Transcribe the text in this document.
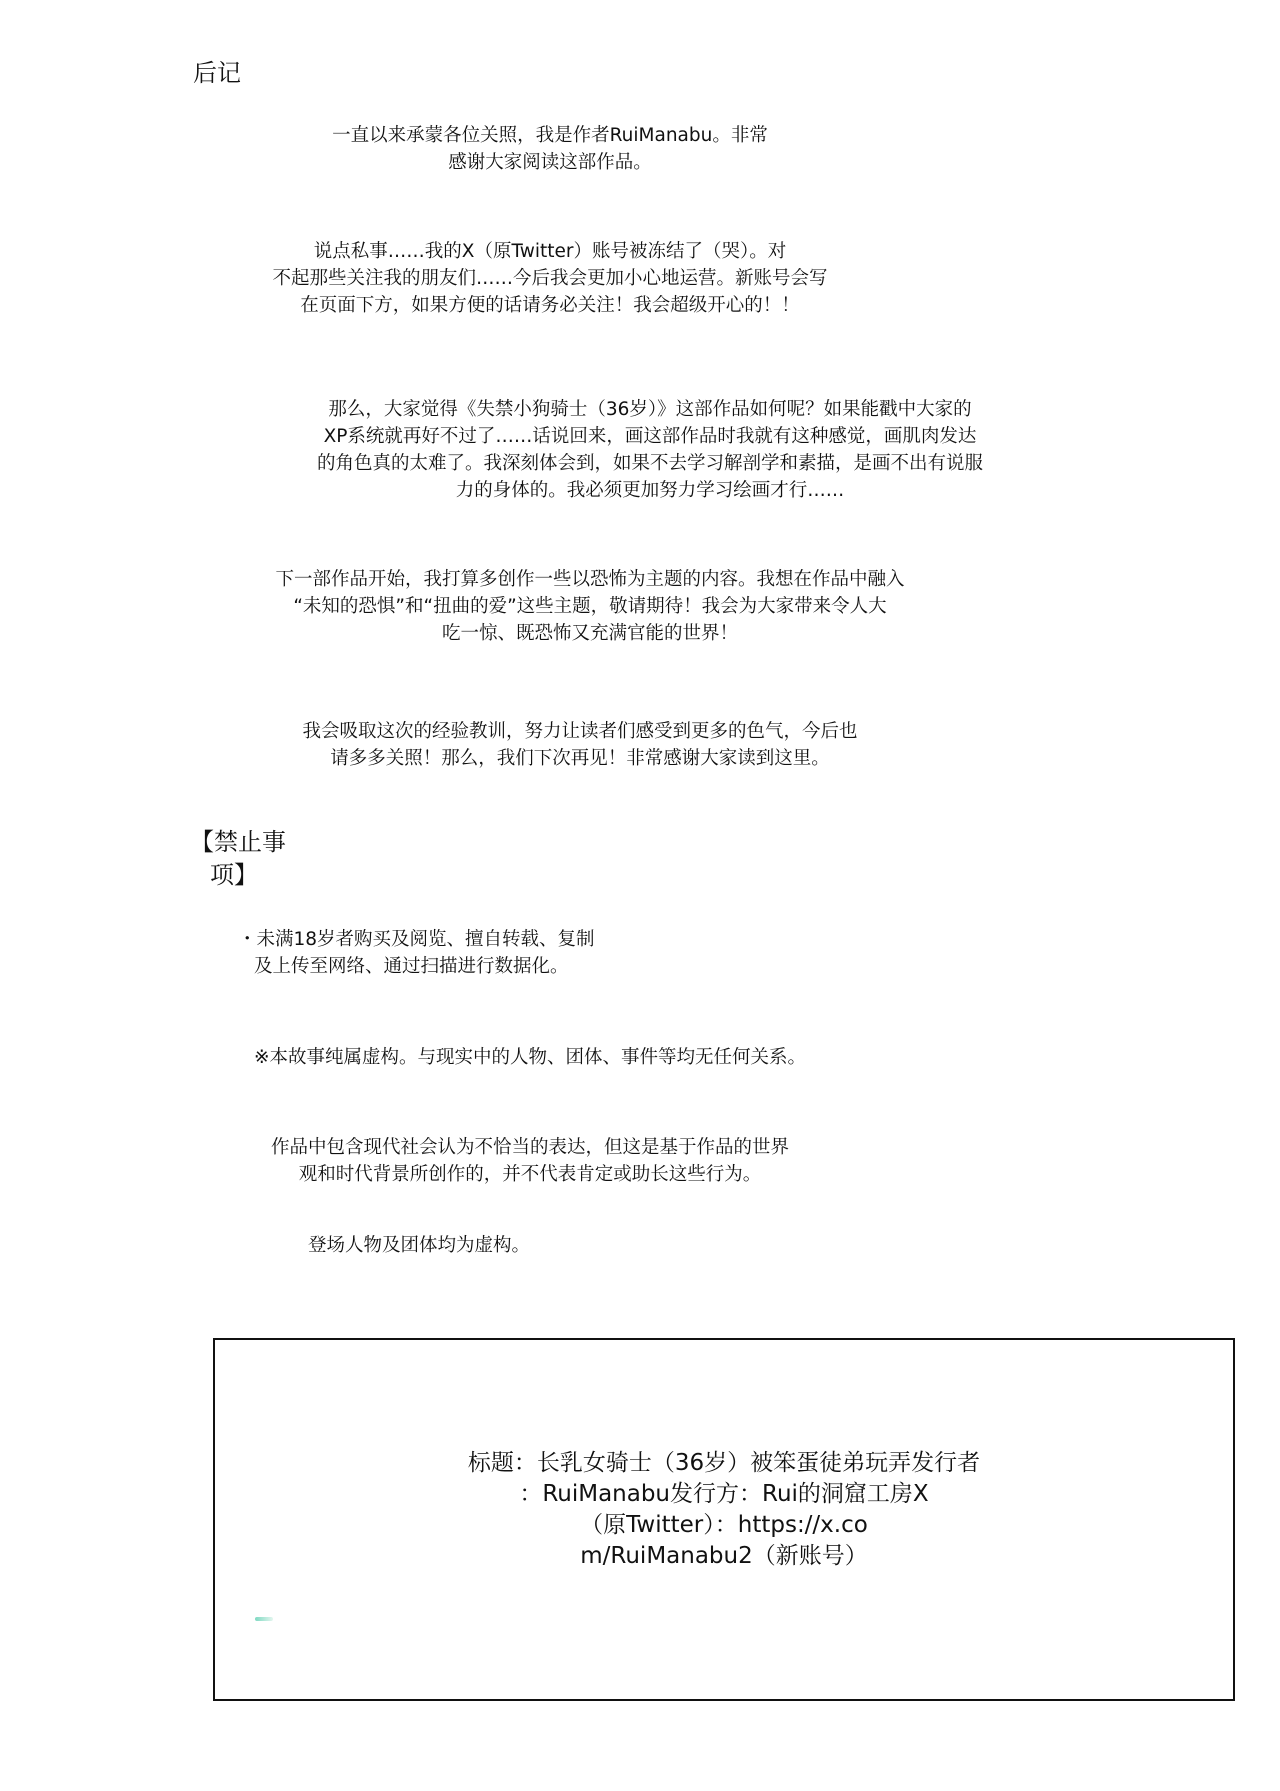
后记
一直以来承蒙各位关照，我是作者RuiManabu。非常
感谢大家阅读这部作品。
说点私事……我的X（原Twitter）账号被冻结了（哭）。对
不起那些关注我的朋友们……今后我会更加小心地运营。新账号会写
在页面下方，如果方便的话请务必关注！我会超级开心的！！
那么，大家觉得《失禁小狗骑士（36岁）》这部作品如何呢？如果能戳中大家的
XP系统就再好不过了……话说回来，画这部作品时我就有这种感觉，画肌肉发达
的角色真的太难了。我深刻体会到，如果不去学习解剖学和素描，是画不出有说服
力的身体的。我必须更加努力学习绘画才行……
下一部作品开始，我打算多创作一些以恐怖为主题的内容。我想在作品中融入
“未知的恐惧”和“扭曲的爱”这些主题，敬请期待！我会为大家带来令人大
吃一惊、既恐怖又充满官能的世界！
我会吸取这次的经验教训，努力让读者们感受到更多的色气，今后也
请多多关照！那么，我们下次再见！非常感谢大家读到这里。
【禁止事
项】
・未满18岁者购买及阅览、擅自转载、复制
及上传至网络、通过扫描进行数据化。
※本故事纯属虚构。与现实中的人物、团体、事件等均无任何关系。
作品中包含现代社会认为不恰当的表达，但这是基于作品的世界
观和时代背景所创作的，并不代表肯定或助长这些行为。
登场人物及团体均为虚构。
标题：长乳女骑士（36岁）被笨蛋徒弟玩弄发行者
：RuiManabu发行方：Rui的洞窟工房X
（原Twitter）：https://x.co
m/RuiManabu2（新账号）
